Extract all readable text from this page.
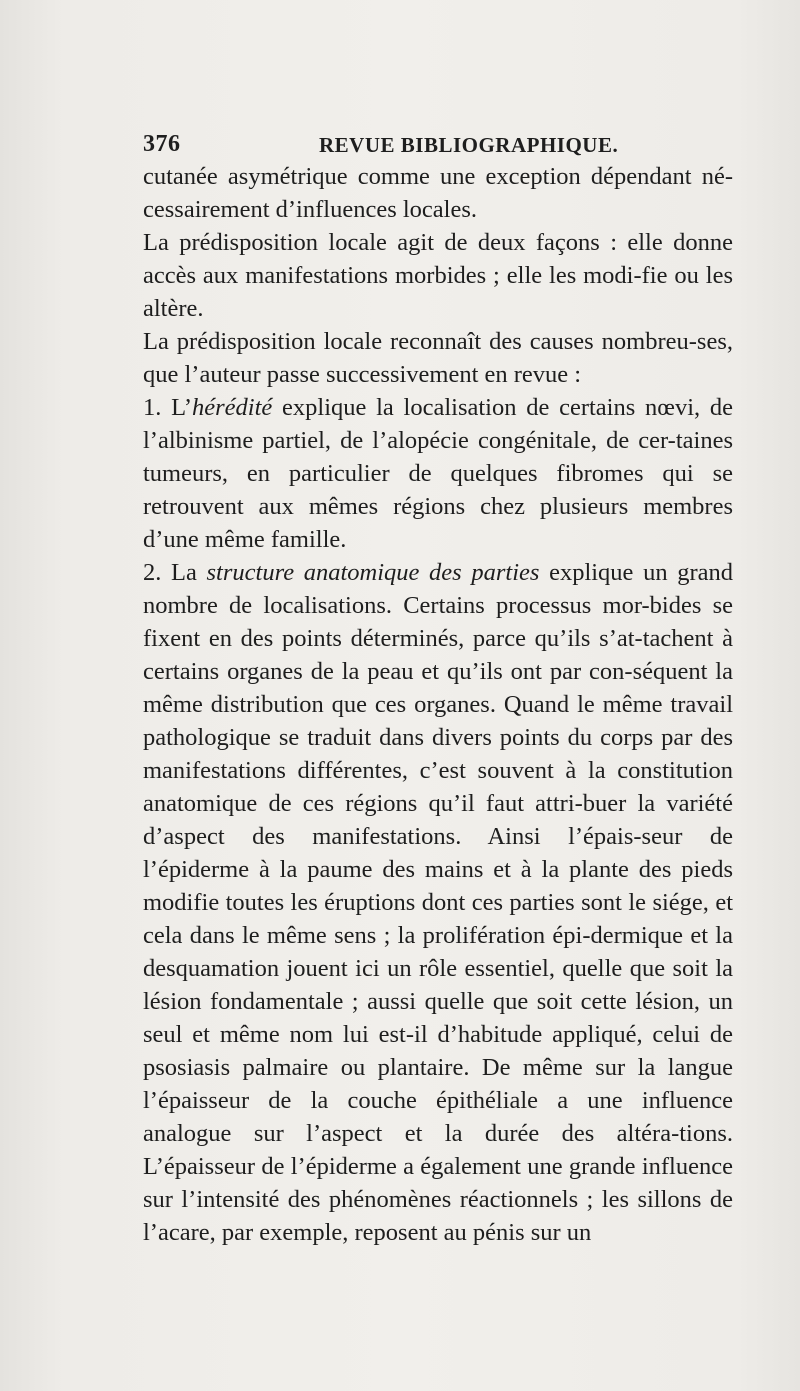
376	REVUE BIBLIOGRAPHIQUE.

cutanée asymétrique comme une exception dépendant né-cessairement d’influences locales.

La prédisposition locale agit de deux façons : elle donne accès aux manifestations morbides ; elle les modi-fie ou les altère.

La prédisposition locale reconnaît des causes nombreu-ses, que l’auteur passe successivement en revue :

1. L’hérédité explique la localisation de certains nœvi, de l’albinisme partiel, de l’alopécie congénitale, de cer-taines tumeurs, en particulier de quelques fibromes qui se retrouvent aux mêmes régions chez plusieurs membres d’une même famille.

2. La structure anatomique des parties explique un grand nombre de localisations. Certains processus mor-bides se fixent en des points déterminés, parce qu’ils s’at-tachent à certains organes de la peau et qu’ils ont par con-séquent la même distribution que ces organes. Quand le même travail pathologique se traduit dans divers points du corps par des manifestations différentes, c’est souvent à la constitution anatomique de ces régions qu’il faut attri-buer la variété d’aspect des manifestations. Ainsi l’épais-seur de l’épiderme à la paume des mains et à la plante des pieds modifie toutes les éruptions dont ces parties sont le siége, et cela dans le même sens ; la prolifération épi-dermique et la desquamation jouent ici un rôle essentiel, quelle que soit la lésion fondamentale ; aussi quelle que soit cette lésion, un seul et même nom lui est-il d’habitude appliqué, celui de psosiasis palmaire ou plantaire. De même sur la langue l’épaisseur de la couche épithéliale a une influence analogue sur l’aspect et la durée des altéra-tions. L’épaisseur de l’épiderme a également une grande influence sur l’intensité des phénomènes réactionnels ; les sillons de l’acare, par exemple, reposent au pénis sur un
